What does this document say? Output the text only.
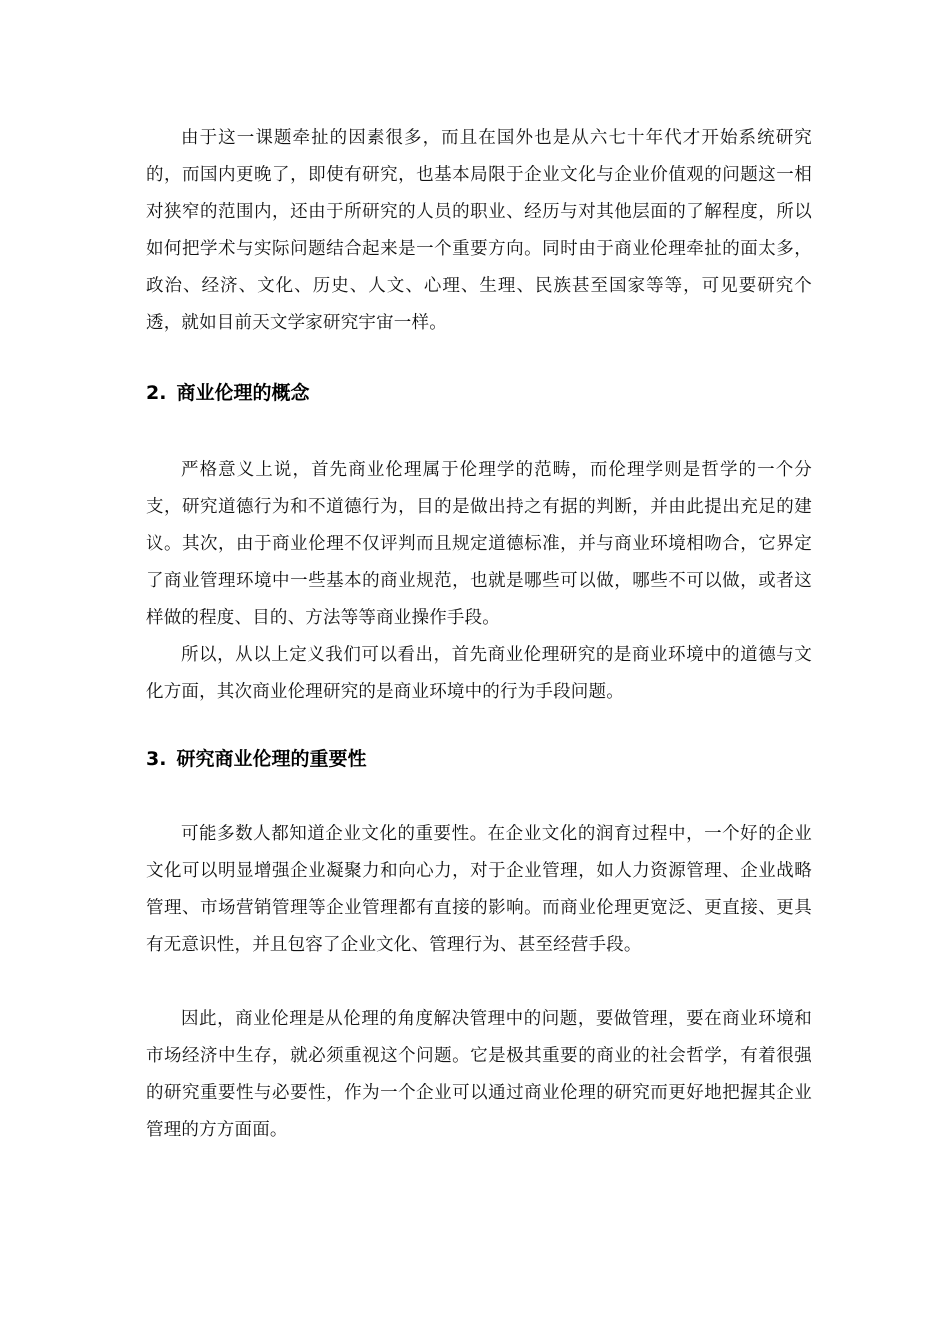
由于这一课题牵扯的因素很多，而且在国外也是从六七十年代才开始系统研究的，而国内更晚了，即使有研究，也基本局限于企业文化与企业价值观的问题这一相对狭窄的范围内，还由于所研究的人员的职业、经历与对其他层面的了解程度，所以如何把学术与实际问题结合起来是一个重要方向。同时由于商业伦理牵扯的面太多，政治、经济、文化、历史、人文、心理、生理、民族甚至国家等等，可见要研究个透，就如目前天文学家研究宇宙一样。

2. 商业伦理的概念

严格意义上说，首先商业伦理属于伦理学的范畴，而伦理学则是哲学的一个分支，研究道德行为和不道德行为，目的是做出持之有据的判断，并由此提出充足的建议。其次，由于商业伦理不仅评判而且规定道德标准，并与商业环境相吻合，它界定了商业管理环境中一些基本的商业规范，也就是哪些可以做，哪些不可以做，或者这样做的程度、目的、方法等等商业操作手段。

所以，从以上定义我们可以看出，首先商业伦理研究的是商业环境中的道德与文化方面，其次商业伦理研究的是商业环境中的行为手段问题。

3. 研究商业伦理的重要性

可能多数人都知道企业文化的重要性。在企业文化的润育过程中，一个好的企业文化可以明显增强企业凝聚力和向心力，对于企业管理，如人力资源管理、企业战略管理、市场营销管理等企业管理都有直接的影响。而商业伦理更宽泛、更直接、更具有无意识性，并且包容了企业文化、管理行为、甚至经营手段。

因此，商业伦理是从伦理的角度解决管理中的问题，要做管理，要在商业环境和市场经济中生存，就必须重视这个问题。它是极其重要的商业的社会哲学，有着很强的研究重要性与必要性，作为一个企业可以通过商业伦理的研究而更好地把握其企业管理的方方面面。
